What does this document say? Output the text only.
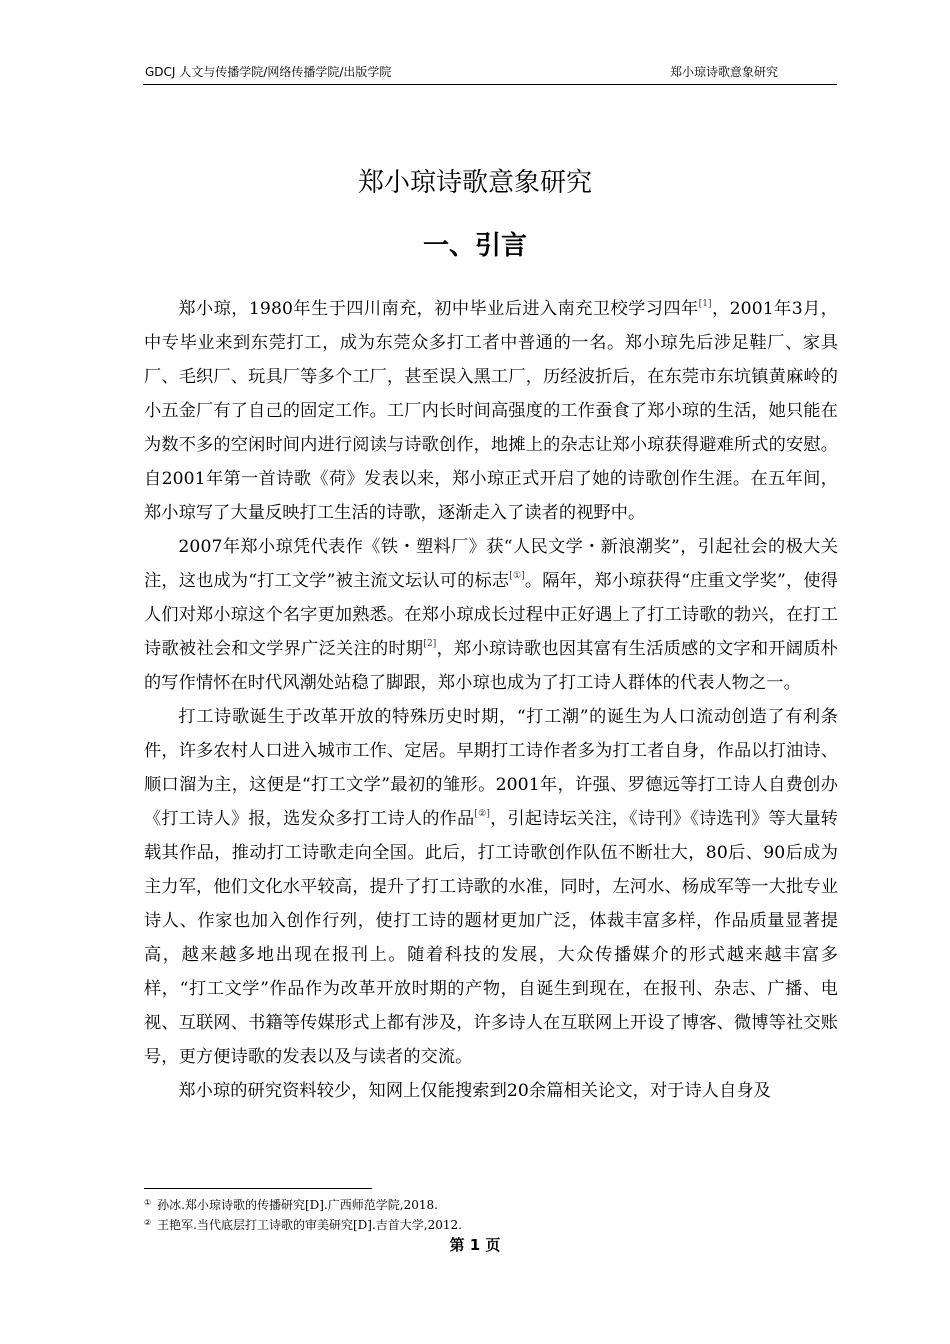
GDCJ 人文与传播学院/网络传播学院/出版学院	郑小琼诗歌意象研究
郑小琼诗歌意象研究
一、引言

郑小琼，1980年生于四川南充，初中毕业后进入南充卫校学习四年[1]，2001年3月，中专毕业来到东莞打工，成为东莞众多打工者中普通的一名。郑小琼先后涉足鞋厂、家具厂、毛织厂、玩具厂等多个工厂，甚至误入黑工厂，历经波折后，在东莞市东坑镇黄麻岭的小五金厂有了自己的固定工作。工厂内长时间高强度的工作蚕食了郑小琼的生活，她只能在为数不多的空闲时间内进行阅读与诗歌创作，地摊上的杂志让郑小琼获得避难所式的安慰。自2001年第一首诗歌《荷》发表以来，郑小琼正式开启了她的诗歌创作生涯。在五年间，郑小琼写了大量反映打工生活的诗歌，逐渐走入了读者的视野中。

2007年郑小琼凭代表作《铁・塑料厂》获“人民文学・新浪潮奖”，引起社会的极大关注，这也成为“打工文学”被主流文坛认可的标志[①]。隔年，郑小琼获得“庄重文学奖”，使得人们对郑小琼这个名字更加熟悉。在郑小琼成长过程中正好遇上了打工诗歌的勃兴，在打工诗歌被社会和文学界广泛关注的时期[2]，郑小琼诗歌也因其富有生活质感的文字和开阔质朴的写作情怀在时代风潮处站稳了脚跟，郑小琼也成为了打工诗人群体的代表人物之一。

打工诗歌诞生于改革开放的特殊历史时期，“打工潮”的诞生为人口流动创造了有利条件，许多农村人口进入城市工作、定居。早期打工诗作者多为打工者自身，作品以打油诗、顺口溜为主，这便是“打工文学”最初的雏形。2001年，许强、罗德远等打工诗人自费创办《打工诗人》报，选发众多打工诗人的作品[②]，引起诗坛关注，《诗刊》《诗选刊》等大量转载其作品，推动打工诗歌走向全国。此后，打工诗歌创作队伍不断壮大，80后、90后成为主力军，他们文化水平较高，提升了打工诗歌的水准，同时，左河水、杨成军等一大批专业诗人、作家也加入创作行列，使打工诗的题材更加广泛，体裁丰富多样，作品质量显著提高，越来越多地出现在报刊上。随着科技的发展，大众传播媒介的形式越来越丰富多样，“打工文学”作品作为改革开放时期的产物，自诞生到现在，在报刊、杂志、广播、电视、互联网、书籍等传媒形式上都有涉及，许多诗人在互联网上开设了博客、微博等社交账号，更方便诗歌的发表以及与读者的交流。

郑小琼的研究资料较少，知网上仅能搜索到20余篇相关论文，对于诗人自身及

① 孙冰.郑小琼诗歌的传播研究[D].广西师范学院,2018.
② 王艳军.当代底层打工诗歌的审美研究[D].吉首大学,2012.
第 1 页
